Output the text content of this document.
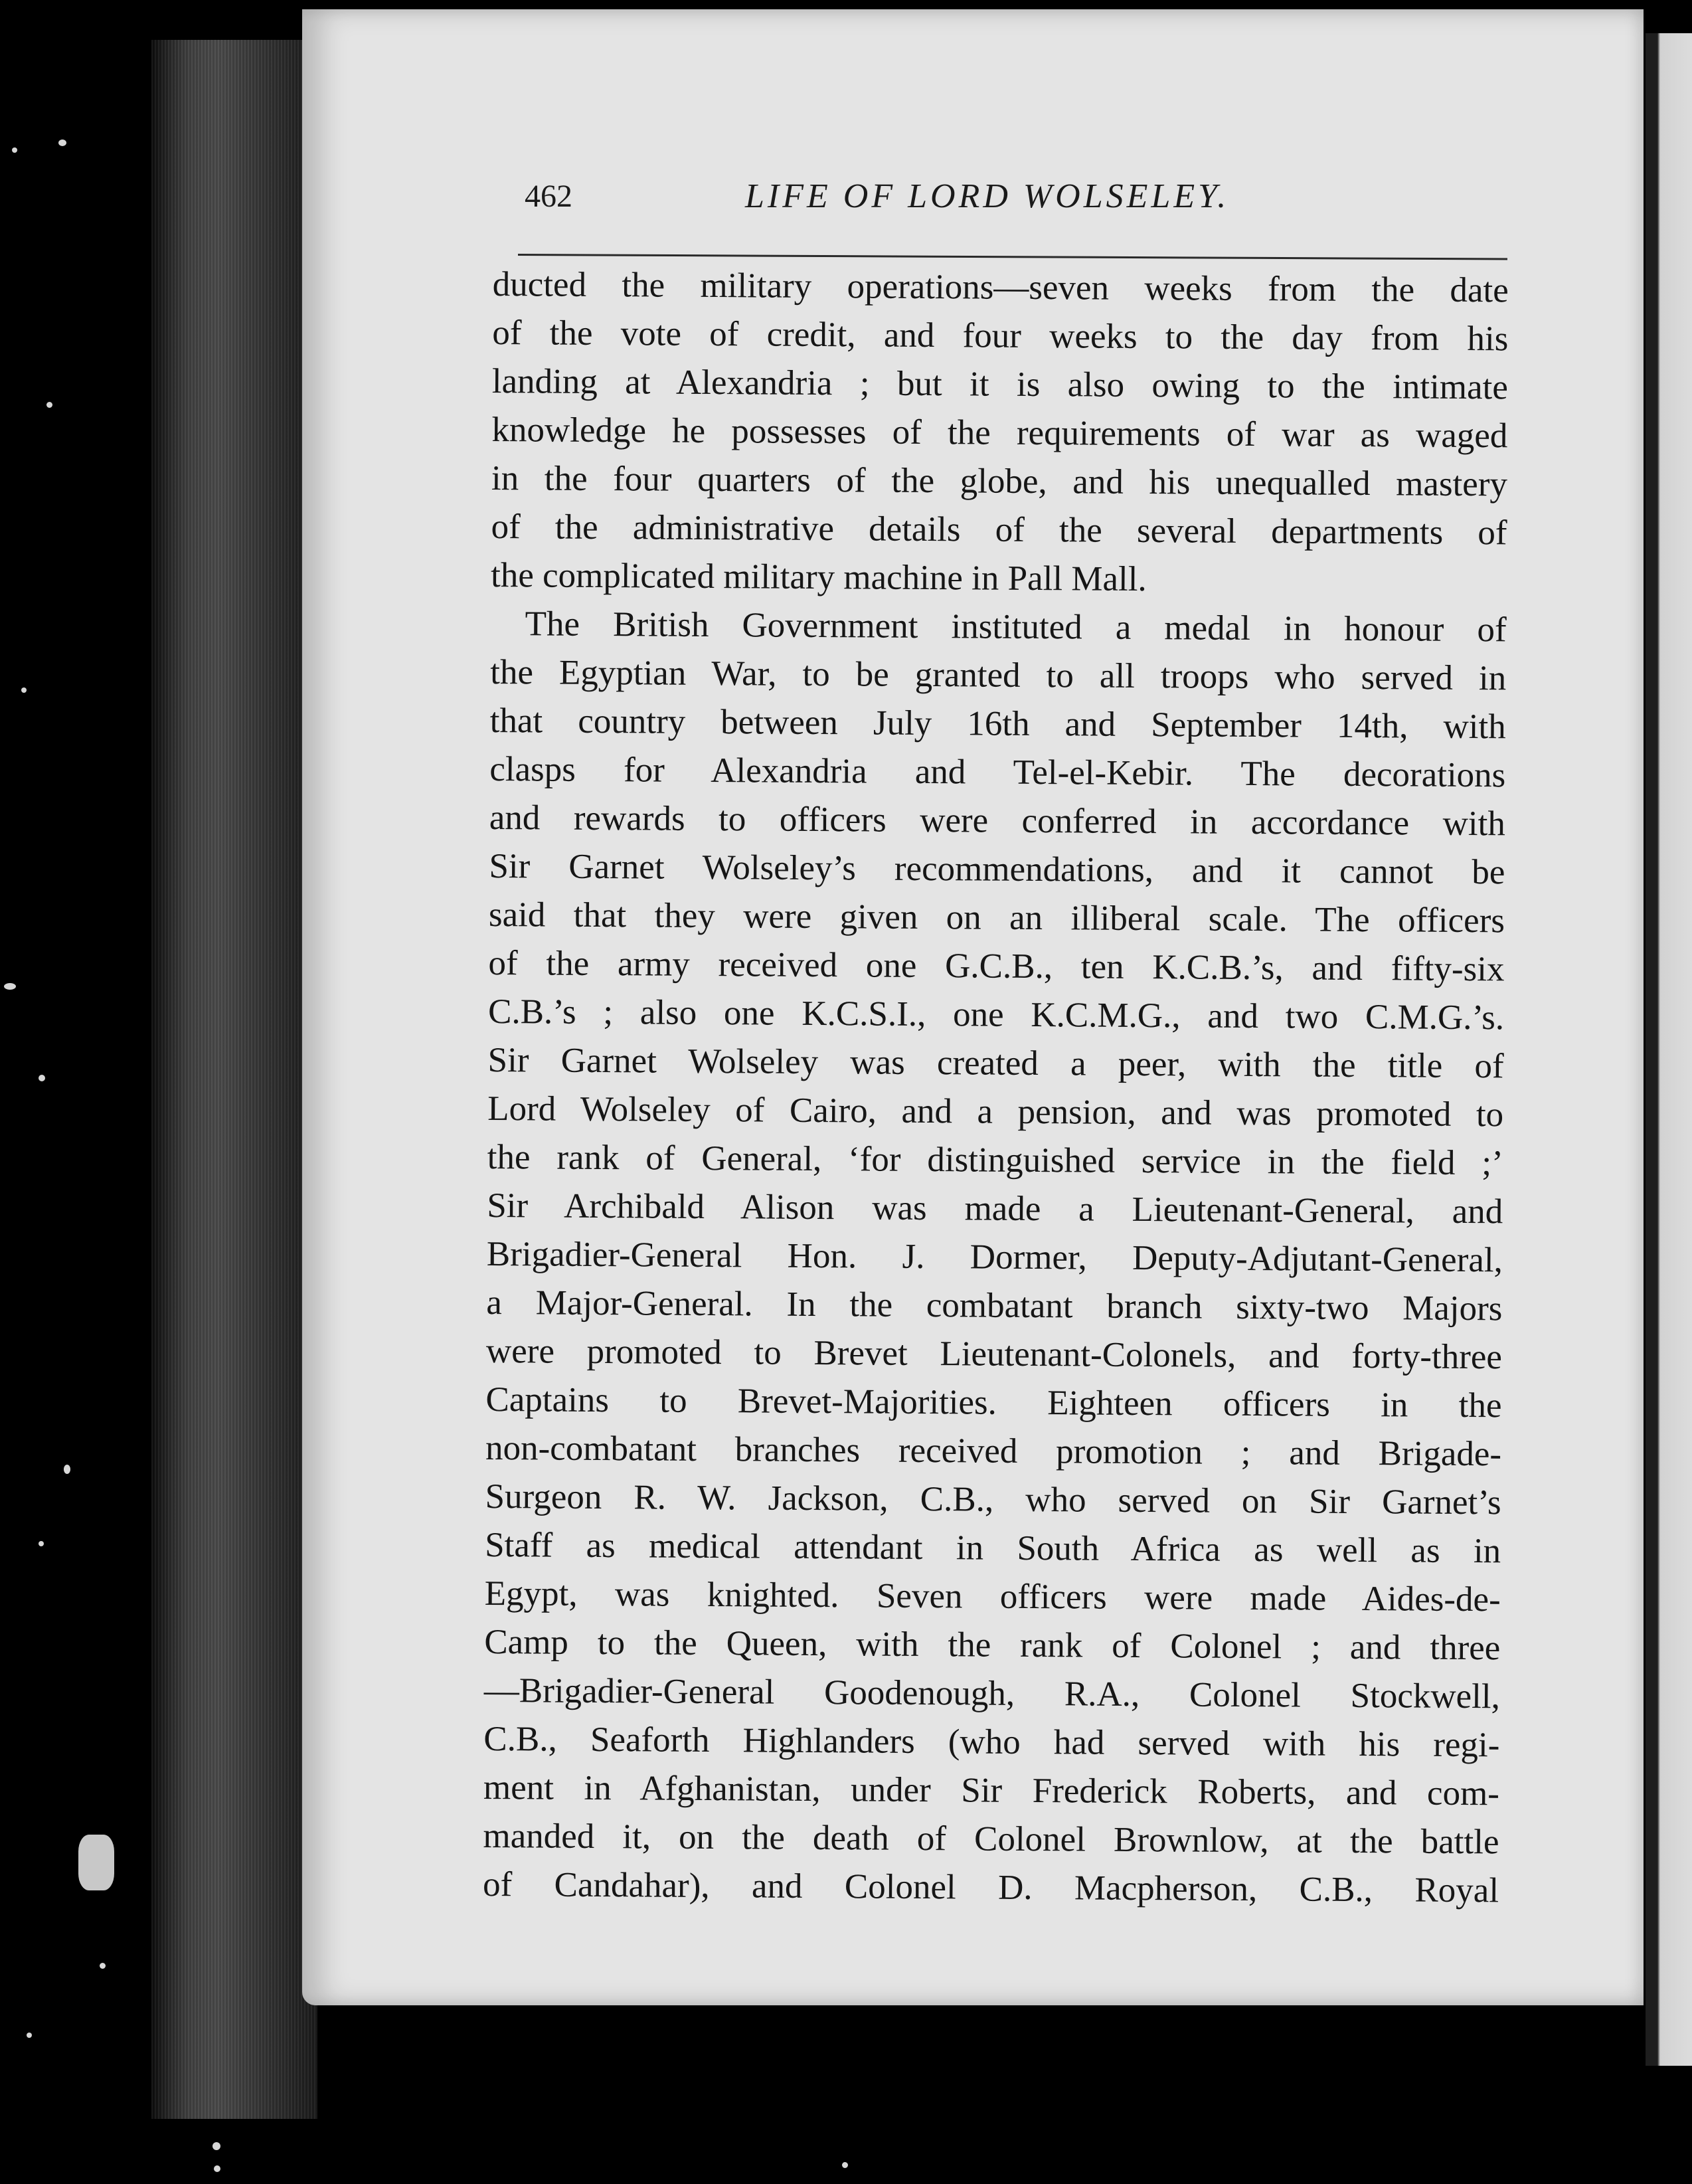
462	LIFE OF LORD WOLSELEY.
ducted the military operations—seven weeks from the date
of the vote of credit, and four weeks to the day from his
landing at Alexandria ; but it is also owing to the intimate
knowledge he possesses of the requirements of war as waged
in the four quarters of the globe, and his unequalled mastery
of the administrative details of the several departments of
the complicated military machine in Pall Mall.
The British Government instituted a medal in honour of
the Egyptian War, to be granted to all troops who served in
that country between July 16th and September 14th, with
clasps for Alexandria and Tel-el-Kebir. The decorations
and rewards to officers were conferred in accordance with
Sir Garnet Wolseley’s recommendations, and it cannot be
said that they were given on an illiberal scale. The officers
of the army received one G.C.B., ten K.C.B.’s, and fifty-six
C.B.’s ; also one K.C.S.I., one K.C.M.G., and two C.M.G.’s.
Sir Garnet Wolseley was created a peer, with the title of
Lord Wolseley of Cairo, and a pension, and was promoted to
the rank of General, ‘for distinguished service in the field ;’
Sir Archibald Alison was made a Lieutenant-General, and
Brigadier-General Hon. J. Dormer, Deputy-Adjutant-General,
a Major-General. In the combatant branch sixty-two Majors
were promoted to Brevet Lieutenant-Colonels, and forty-three
Captains to Brevet-Majorities. Eighteen officers in the
non-combatant branches received promotion ; and Brigade-
Surgeon R. W. Jackson, C.B., who served on Sir Garnet’s
Staff as medical attendant in South Africa as well as in
Egypt, was knighted. Seven officers were made Aides-de-
Camp to the Queen, with the rank of Colonel ; and three
—Brigadier-General Goodenough, R.A., Colonel Stockwell,
C.B., Seaforth Highlanders (who had served with his regi-
ment in Afghanistan, under Sir Frederick Roberts, and com-
manded it, on the death of Colonel Brownlow, at the battle
of Candahar), and Colonel D. Macpherson, C.B., Royal
